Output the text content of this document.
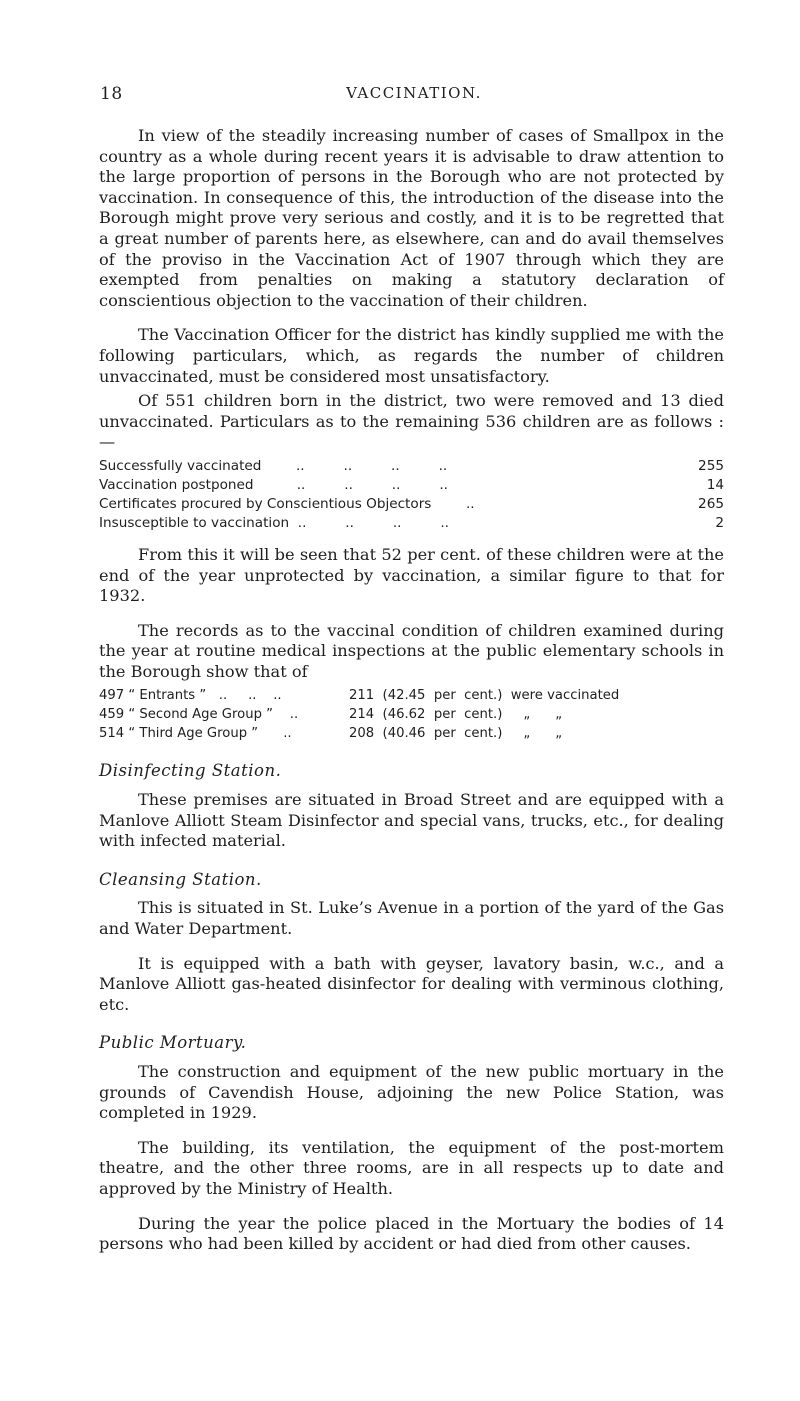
18	VACCINATION.

In view of the steadily increasing number of cases of Smallpox in the country as a whole during recent years it is advisable to draw attention to the large proportion of persons in the Borough who are not protected by vaccination. In consequence of this, the introduction of the disease into the Borough might prove very serious and costly, and it is to be regretted that a great number of parents here, as elsewhere, can and do avail themselves of the proviso in the Vaccination Act of 1907 through which they are exempted from penalties on making a statutory declaration of conscientious objection to the vaccination of their children.

The Vaccination Officer for the district has kindly supplied me with the following particulars, which, as regards the number of children unvaccinated, must be considered most unsatisfactory.

Of 551 children born in the district, two were removed and 13 died unvaccinated. Particulars as to the remaining 536 children are as follows : —

Successfully vaccinated        ..         ..         ..         ..	255
Vaccination postponed          ..         ..         ..         ..	14
Certificates procured by Conscientious Objectors        ..	265
Insusceptible to vaccination  ..         ..         ..         ..	2

From this it will be seen that 52 per cent. of these children were at the end of the year unprotected by vaccination, a similar figure to that for 1932.

The records as to the vaccinal condition of children examined during the year at routine medical inspections at the public elementary schools in the Borough show that of

497 “ Entrants ”   ..     ..    ..	211  (42.45  per  cent.)  were vaccinated
459 “ Second Age Group ”    ..	214  (46.62  per  cent.)     „      „
514 “ Third Age Group ”      ..	208  (40.46  per  cent.)     „      „
Disinfecting Station.

These premises are situated in Broad Street and are equipped with a Manlove Alliott Steam Disinfector and special vans, trucks, etc., for dealing with infected material.

Cleansing Station.

This is situated in St. Luke’s Avenue in a portion of the yard of the Gas and Water Department.

It is equipped with a bath with geyser, lavatory basin, w.c., and a Manlove Alliott gas-heated disinfector for dealing with verminous clothing, etc.

Public Mortuary.

The construction and equipment of the new public mortuary in the grounds of Cavendish House, adjoining the new Police Station, was completed in 1929.

The building, its ventilation, the equipment of the post-mortem theatre, and the other three rooms, are in all respects up to date and approved by the Ministry of Health.

During the year the police placed in the Mortuary the bodies of 14 persons who had been killed by accident or had died from other causes.
